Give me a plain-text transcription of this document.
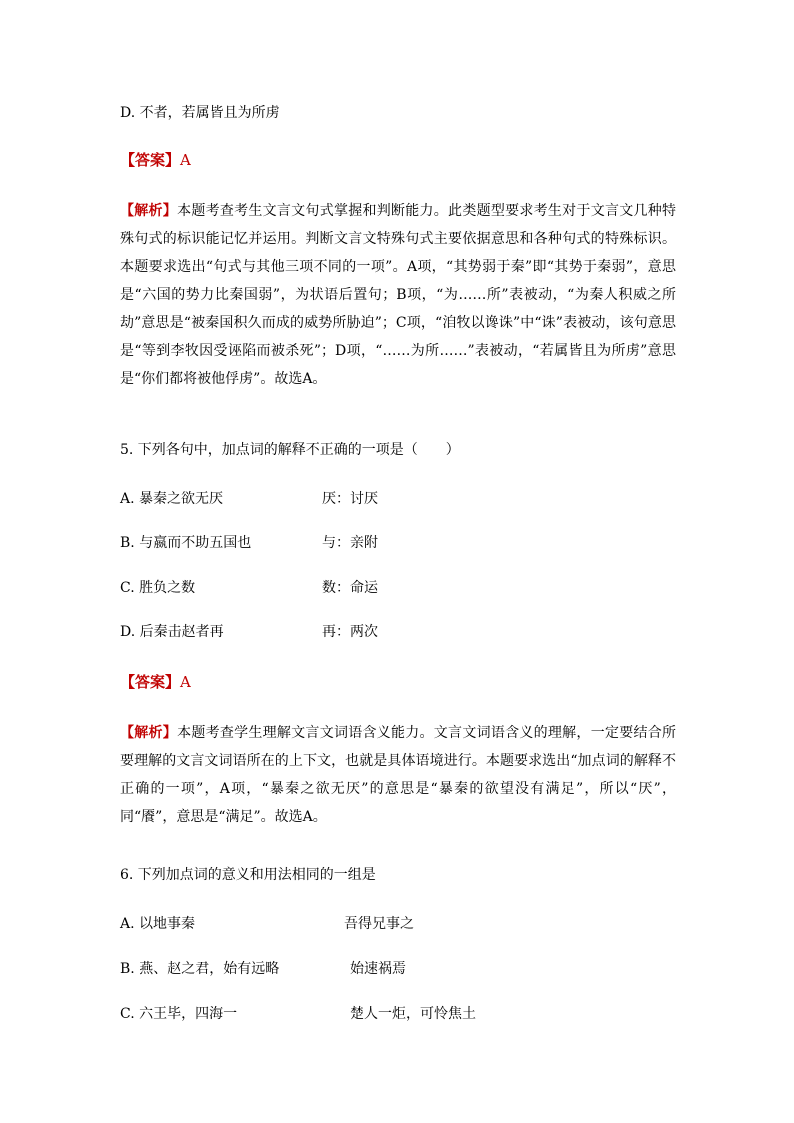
D. 不者，若属皆且为所虏
【答案】A
【解析】本题考查考生文言文句式掌握和判断能力。此类题型要求考生对于文言文几种特殊句式的标识能记忆并运用。判断文言文特殊句式主要依据意思和各种句式的特殊标识。本题要求选出“句式与其他三项不同的一项”。A项，“其势弱于秦”即“其势于秦弱”，意思是“六国的势力比秦国弱”，为状语后置句；B项，“为……所”表被动，“为秦人积威之所劫”意思是“被秦国积久而成的威势所胁迫”；C项，“洎牧以谗诛”中“诛”表被动，该句意思是“等到李牧因受诬陷而被杀死”；D项，“……为所……”表被动，“若属皆且为所虏”意思是“你们都将被他俘虏”。故选A。
5. 下列各句中，加点词的解释不正确的一项是（　　）
A. 暴秦之欲无厌	厌：讨厌
B. 与嬴而不助五国也	与：亲附
C. 胜负之数	数：命运
D. 后秦击赵者再	再：两次
【答案】A
【解析】本题考查学生理解文言文词语含义能力。文言文词语含义的理解，一定要结合所要理解的文言文词语所在的上下文，也就是具体语境进行。本题要求选出“加点词的解释不正确的一项”，A项，“暴秦之欲无厌”的意思是“暴秦的欲望没有满足”，所以“厌”，同“餍”，意思是“满足”。故选A。
6. 下列加点词的意义和用法相同的一组是
A. 以地事秦	吾得兄事之
B. 燕、赵之君，始有远略	始速祸焉
C. 六王毕，四海一	楚人一炬，可怜焦土
